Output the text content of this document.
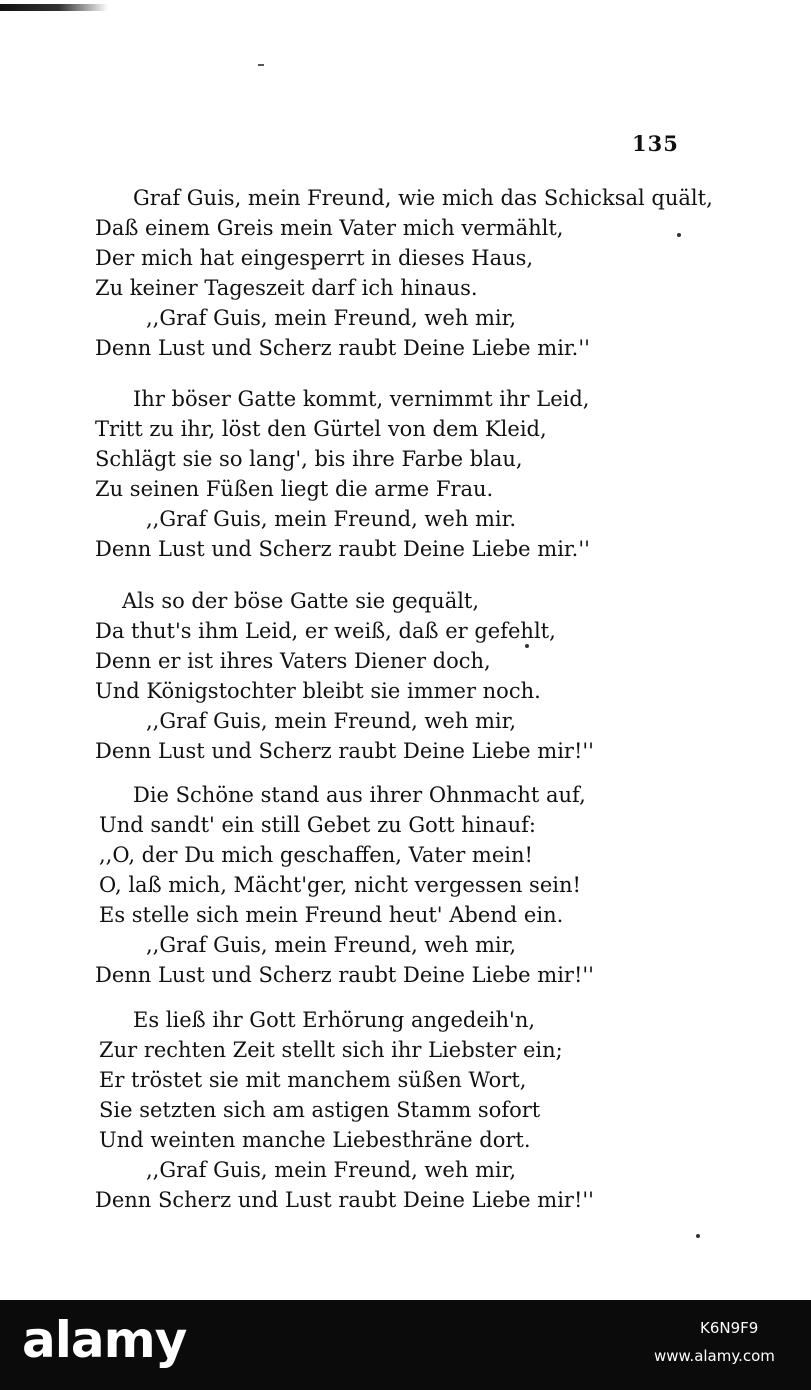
135
Graf Guis, mein Freund, wie mich das Schicksal quält,
Daß einem Greis mein Vater mich vermählt,
Der mich hat eingesperrt in dieses Haus,
Zu keiner Tageszeit darf ich hinaus.
,,Graf Guis, mein Freund, weh mir,
Denn Lust und Scherz raubt Deine Liebe mir.''
Ihr böser Gatte kommt, vernimmt ihr Leid,
Tritt zu ihr, löst den Gürtel von dem Kleid,
Schlägt sie so lang', bis ihre Farbe blau,
Zu seinen Füßen liegt die arme Frau.
,,Graf Guis, mein Freund, weh mir.
Denn Lust und Scherz raubt Deine Liebe mir.''
Als so der böse Gatte sie gequält,
Da thut's ihm Leid, er weiß, daß er gefehlt,
Denn er ist ihres Vaters Diener doch,
Und Königstochter bleibt sie immer noch.
,,Graf Guis, mein Freund, weh mir,
Denn Lust und Scherz raubt Deine Liebe mir!''
Die Schöne stand aus ihrer Ohnmacht auf,
Und sandt' ein still Gebet zu Gott hinauf:
,,O, der Du mich geschaffen, Vater mein!
O, laß mich, Mächt'ger, nicht vergessen sein!
Es stelle sich mein Freund heut' Abend ein.
,,Graf Guis, mein Freund, weh mir,
Denn Lust und Scherz raubt Deine Liebe mir!''
Es ließ ihr Gott Erhörung angedeih'n,
Zur rechten Zeit stellt sich ihr Liebster ein;
Er tröstet sie mit manchem süßen Wort,
Sie setzten sich am astigen Stamm sofort
Und weinten manche Liebesthräne dort.
,,Graf Guis, mein Freund, weh mir,
Denn Scherz und Lust raubt Deine Liebe mir!''
alamy	K6N9F9
www.alamy.com
